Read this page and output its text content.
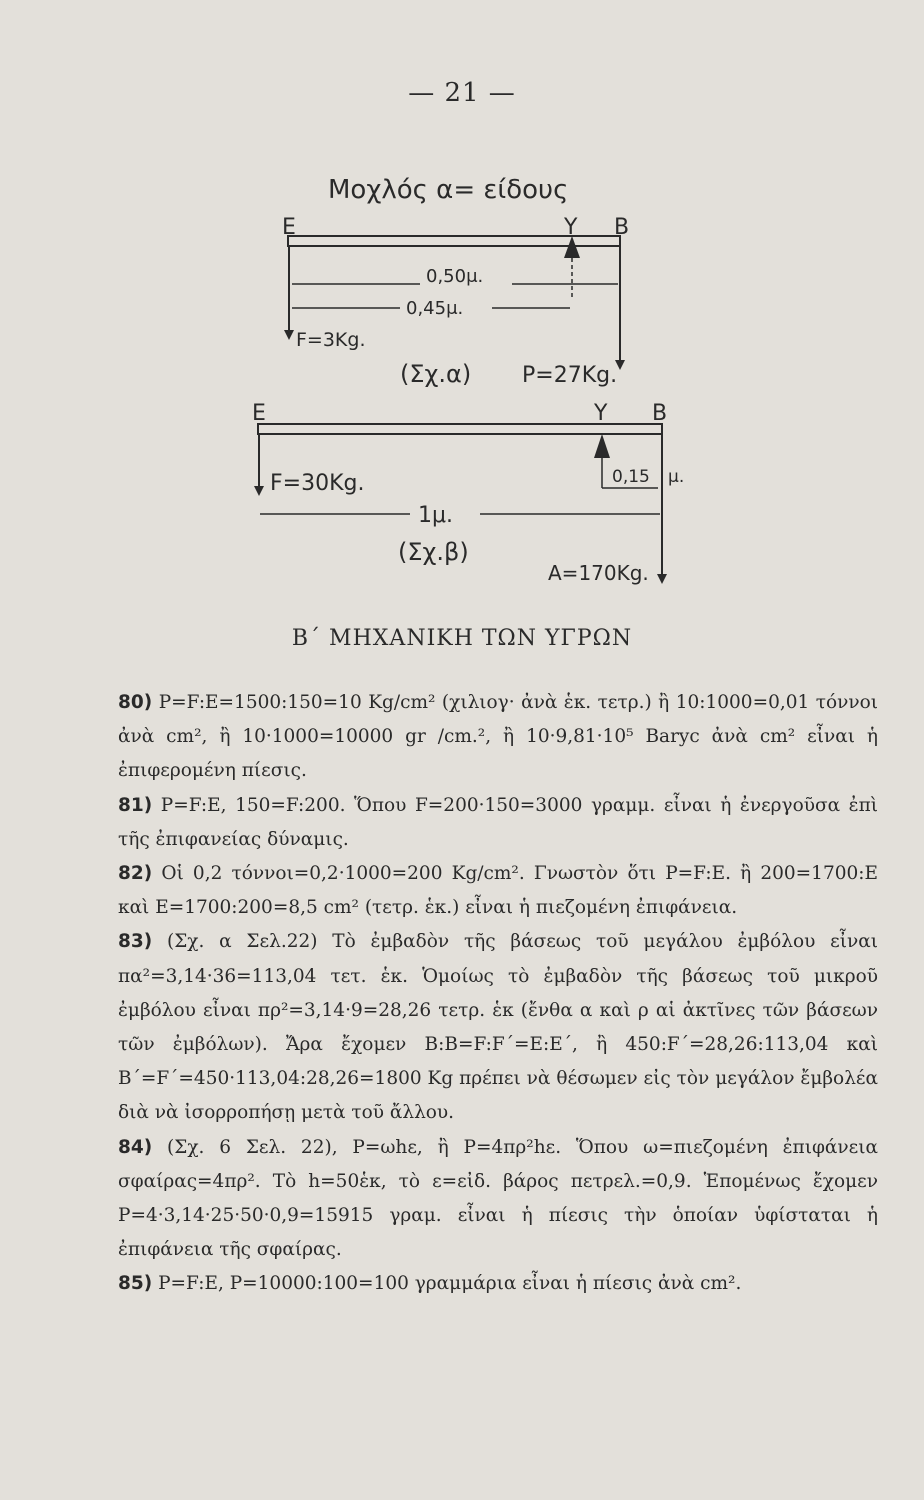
— 21 —
Μοχλός α= είδους
E	Y B
0,50μ.
0,45μ.
F=3Kg.
(Σχ.α) P=27Kg.
E	Y B
0,15 μ.
F=30Kg.
1μ.
(Σχ.β)
A=170Kg.
Β΄ ΜΗΧΑΝΙΚΗ ΤΩΝ ΥΓΡΩΝ

80) P=F:E=1500:150=10 Kg/cm² (χιλιογ· ἀνὰ ἑκ. τετρ.) ἢ 10:1000=0,01 τόννοι ἀνὰ cm², ἢ 10·1000=10000 gr /cm.², ἢ 10·9,81·10⁵ Baryc ἀνὰ cm² εἶναι ἡ ἐπιφερομένη πίεσις.

81) P=F:E, 150=F:200. Ὅπου F=200·150=3000 γραμμ. εἶναι ἡ ἐνεργοῦσα ἐπὶ τῆς ἐπιφανείας δύναμις.

82) Οἱ 0,2 τόννοι=0,2·1000=200 Kg/cm². Γνωστὸν ὅτι P=F:E. ἢ 200=1700:E καὶ E=1700:200=8,5 cm² (τετρ. ἑκ.) εἶναι ἡ πιεζομένη ἐπιφάνεια.

83) (Σχ. α Σελ.22) Τὸ ἐμβαδὸν τῆς βάσεως τοῦ μεγάλου ἐμβόλου εἶναι πα²=3,14·36=113,04 τετ. ἑκ. Ὁμοίως τὸ ἐμβαδὸν τῆς βάσεως τοῦ μικροῦ ἐμβόλου εἶναι πρ²=3,14·9=28,26 τετρ. ἑκ (ἔνθα α καὶ ρ αἱ ἀκτῖνες τῶν βάσεων τῶν ἐμβόλων). Ἄρα ἔχομεν B:B=F:F΄=E:E΄, ἢ 450:F΄=28,26:113,04 καὶ B΄=F΄=450·113,04:28,26=1800 Kg πρέπει νὰ θέσωμεν εἰς τὸν μεγάλον ἔμβολέα διὰ νὰ ἰσορροπήσῃ μετὰ τοῦ ἄλλου.

84) (Σχ. 6 Σελ. 22), P=ωhε, ἢ P=4πρ²hε. Ὅπου ω=πιεζομένη ἐπιφάνεια σφαίρας=4πρ². Τὸ h=50ἑκ, τὸ ε=εἰδ. βάρος πετρελ.=0,9. Ἑπομένως ἔχομεν P=4·3,14·25·50·0,9=15915 γραμ. εἶναι ἡ πίεσις τὴν ὁποίαν ὑφίσταται ἡ ἐπιφάνεια τῆς σφαίρας.

85) P=F:E, P=10000:100=100 γραμμάρια εἶναι ἡ πίεσις ἀνὰ cm².
